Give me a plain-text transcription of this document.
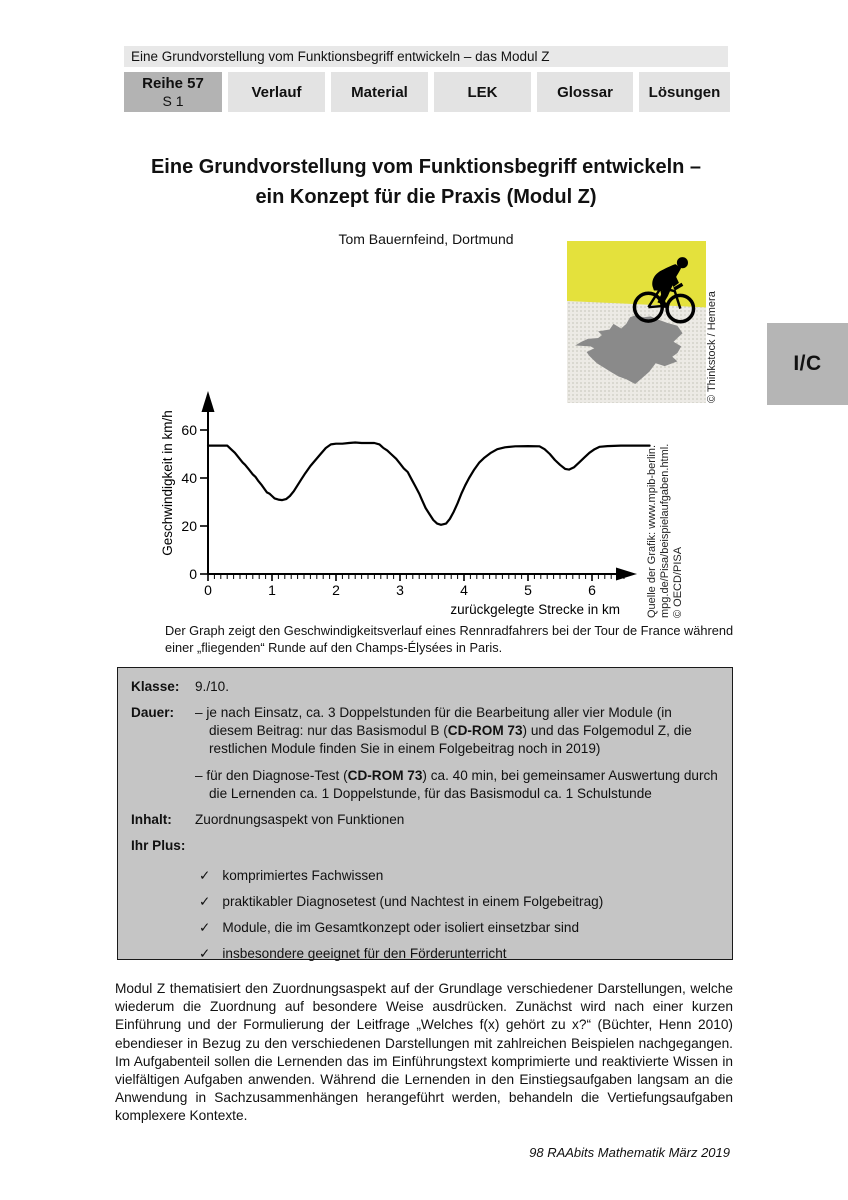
Eine Grundvorstellung vom Funktionsbegriff entwickeln – das Modul Z
Reihe 57
S 1
Verlauf	Material	LEK	Glossar Lösungen
Eine Grundvorstellung vom Funktionsbegriff entwickeln –
ein Konzept für die Praxis (Modul Z)
Tom Bauernfeind, Dortmund
© Thinkstock / Hemera	I/C
0	1	2	3	4	5	6
0
20
40
60
zurückgelegte Strecke in km
Geschwindigkeit in km/h	Quelle der Grafik: www.mpib-berlin. mpg.de/Pisa/beispielaufgaben.html. © OECD/PISA
Der Graph zeigt den Geschwindigkeitsverlauf eines Rennradfahrers bei der Tour de France während einer „fliegenden“ Runde auf den Champs-Élysées in Paris.
Klasse:	9./10.
Dauer:	– je nach Einsatz, ca. 3 Doppelstunden für die Bearbeitung aller vier Module (in diesem Beitrag: nur das Basismodul B (CD-ROM 73) und das Folgemodul Z, die restlichen Module finden Sie in einem Folgebeitrag noch in 2019)
– für den Diagnose-Test (CD-ROM 73) ca. 40 min, bei gemeinsamer Auswertung durch die Lernenden ca. 1 Doppelstunde, für das Basismodul ca. 1 Schulstunde
Inhalt:	Zuordnungsaspekt von Funktionen
Ihr Plus:
✓ komprimiertes Fachwissen
✓ praktikabler Diagnosetest (und Nachtest in einem Folgebeitrag)
✓ Module, die im Gesamtkonzept oder isoliert einsetzbar sind
✓ insbesondere geeignet für den Förderunterricht
Modul Z thematisiert den Zuordnungsaspekt auf der Grundlage verschiedener Darstellungen, welche wiederum die Zuordnung auf besondere Weise ausdrücken. Zunächst wird nach einer kurzen Einführung und der Formulierung der Leitfrage „Welches f(x) gehört zu x?“ (Büchter, Henn 2010) ebendieser in Bezug zu den verschiedenen Darstellungen mit zahlreichen Beispielen nachgegangen. Im Aufgabenteil sollen die Lernenden das im Einführungstext komprimierte und reaktivierte Wissen in vielfältigen Aufgaben anwenden. Während die Lernenden in den Einstiegsaufgaben langsam an die Anwendung in Sachzusammenhängen herangeführt werden, behandeln die Vertiefungsaufgaben komplexere Kontexte.
98 RAAbits Mathematik März 2019
